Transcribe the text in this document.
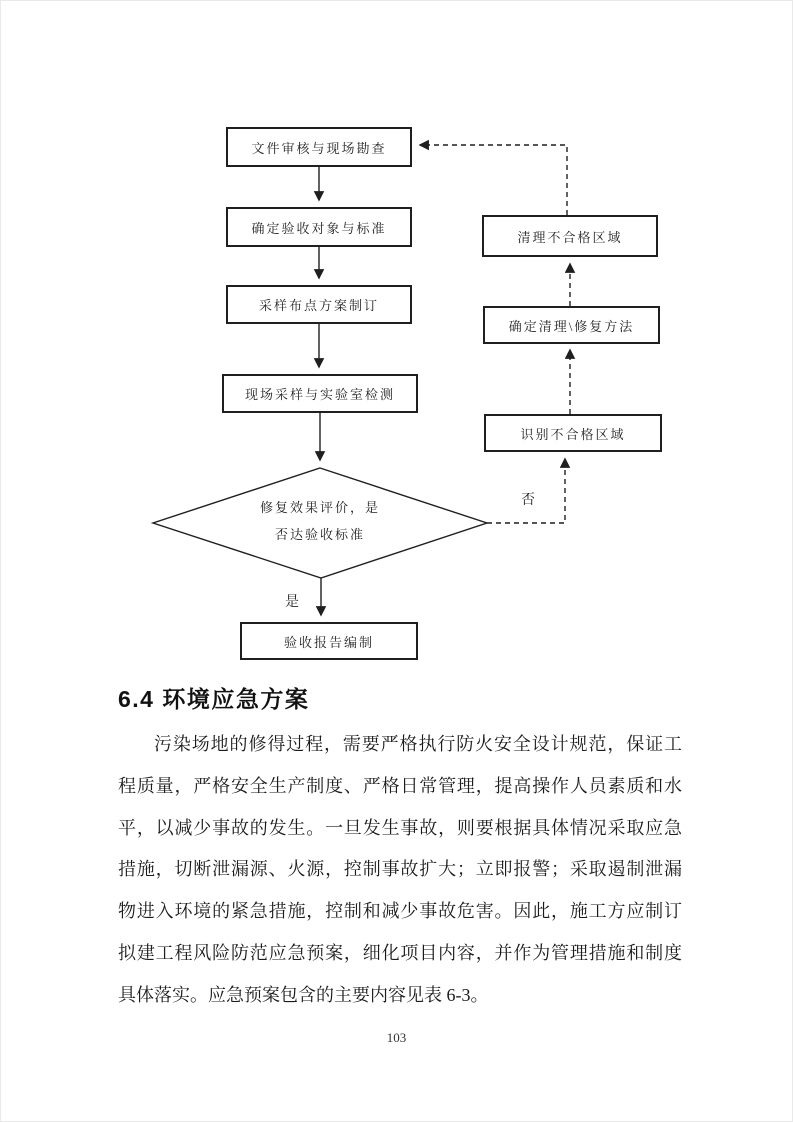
文件审核与现场勘查
确定验收对象与标准
采样布点方案制订
现场采样与实验室检测
验收报告编制
清理不合格区域
确定清理\修复方法
识别不合格区域
修复效果评价，是
否达验收标准
是
否
6.4 环境应急方案
污染场地的修得过程，需要严格执行防火安全设计规范，保证工
程质量，严格安全生产制度、严格日常管理，提高操作人员素质和水
平，以减少事故的发生。一旦发生事故，则要根据具体情况采取应急
措施，切断泄漏源、火源，控制事故扩大；立即报警；采取遏制泄漏
物进入环境的紧急措施，控制和减少事故危害。因此，施工方应制订
拟建工程风险防范应急预案，细化项目内容，并作为管理措施和制度
具体落实。应急预案包含的主要内容见表 6-3。
103
